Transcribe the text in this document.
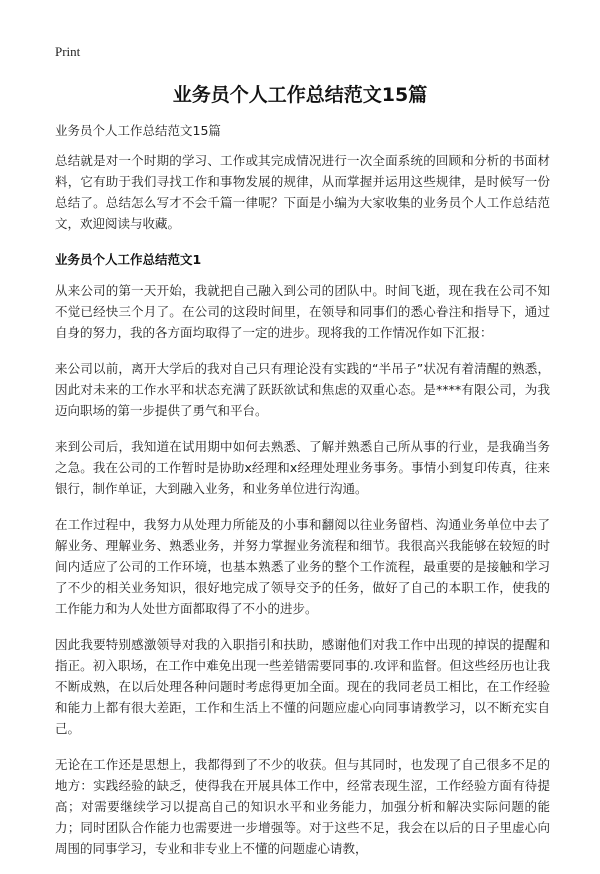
Print
业务员个人工作总结范文15篇
业务员个人工作总结范文15篇

总结就是对一个时期的学习、工作或其完成情况进行一次全面系统的回顾和分析的书面材料，它有助于我们寻找工作和事物发展的规律，从而掌握并运用这些规律，是时候写一份总结了。总结怎么写才不会千篇一律呢？下面是小编为大家收集的业务员个人工作总结范文，欢迎阅读与收藏。

业务员个人工作总结范文1

从来公司的第一天开始，我就把自己融入到公司的团队中。时间飞逝，现在我在公司不知不觉已经快三个月了。在公司的这段时间里，在领导和同事们的悉心眷注和指导下，通过自身的努力，我的各方面均取得了一定的进步。现将我的工作情况作如下汇报：

来公司以前，离开大学后的我对自己只有理论没有实践的“半吊子”状况有着清醒的熟悉，因此对未来的工作水平和状态充满了跃跃欲试和焦虑的双重心态。是****有限公司，为我迈向职场的第一步提供了勇气和平台。

来到公司后，我知道在试用期中如何去熟悉、了解并熟悉自己所从事的行业，是我确当务之急。我在公司的工作暂时是协助x经理和x经理处理业务事务。事情小到复印传真，往来银行，制作单证，大到融入业务，和业务单位进行沟通。

在工作过程中，我努力从处理力所能及的小事和翻阅以往业务留档、沟通业务单位中去了解业务、理解业务、熟悉业务，并努力掌握业务流程和细节。我很高兴我能够在较短的时间内适应了公司的工作环境，也基本熟悉了业务的整个工作流程，最重要的是接触和学习了不少的相关业务知识，很好地完成了领导交予的任务，做好了自己的本职工作，使我的工作能力和为人处世方面都取得了不小的进步。

因此我要特别感激领导对我的入职指引和扶助，感谢他们对我工作中出现的掉误的提醒和指正。初入职场，在工作中难免出现一些差错需要同事的.攻评和监督。但这些经历也让我不断成熟，在以后处理各种问题时考虑得更加全面。现在的我同老员工相比，在工作经验和能力上都有很大差距，工作和生活上不懂的问题应虚心向同事请教学习，以不断充实自己。

无论在工作还是思想上，我都得到了不少的收获。但与其同时，也发现了自己很多不足的地方：实践经验的缺乏，使得我在开展具体工作中，经常表现生涩，工作经验方面有待提高；对需要继续学习以提高自己的知识水平和业务能力，加强分析和解决实际问题的能力；同时团队合作能力也需要进一步增强等。对于这些不足，我会在以后的日子里虚心向周围的同事学习，专业和非专业上不懂的问题虚心请教，
